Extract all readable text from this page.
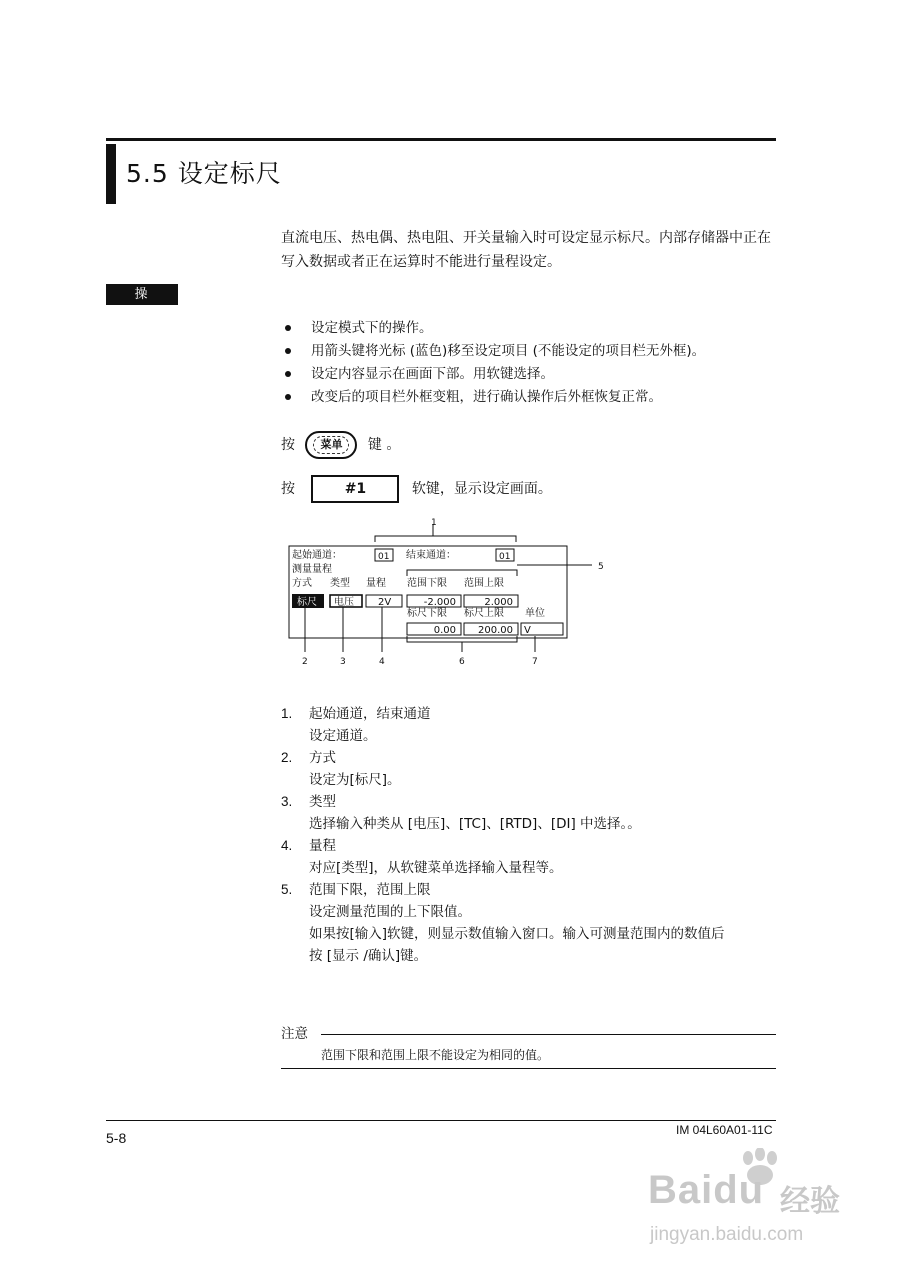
5.5 设定标尺
直流电压、热电偶、热电阻、开关量输入时可设定显示标尺。内部存储器中正在写入数据或者正在运算时不能进行量程设定。
操作
设定模式下的操作。
用箭头键将光标 (蓝色)移至设定项目 (不能设定的项目栏无外框)。
设定内容显示在画面下部。用软键选择。
改变后的项目栏外框变粗，进行确认操作后外框恢复正常。
按 菜单 键 。
按	#1	软键，显示设定画面。
1
起始通道：	01 结束通道：	01
5
测量量程
方式 类型 量程 范围下限 范围上限
标尺 电压 2V	-2.000	2.000
标尺下限 标尺上限 单位
0.00 200.00 V
2	3	4	6	7
1. 起始通道，结束通道
设定通道。
2. 方式
设定为[标尺]。
3. 类型
选择输入种类从 [电压]、[TC]、[RTD]、[DI] 中选择。。
4. 量程
对应[类型]，从软键菜单选择输入量程等。
5. 范围下限，范围上限
设定测量范围的上下限值。
如果按[输入]软键，则显示数值输入窗口。输入可测量范围内的数值后
按 [显示 /确认]键。
注意
范围下限和范围上限不能设定为相同的值。
IM 04L60A01-11C
5-8
Baidu 经验
jingyan.baidu.com
